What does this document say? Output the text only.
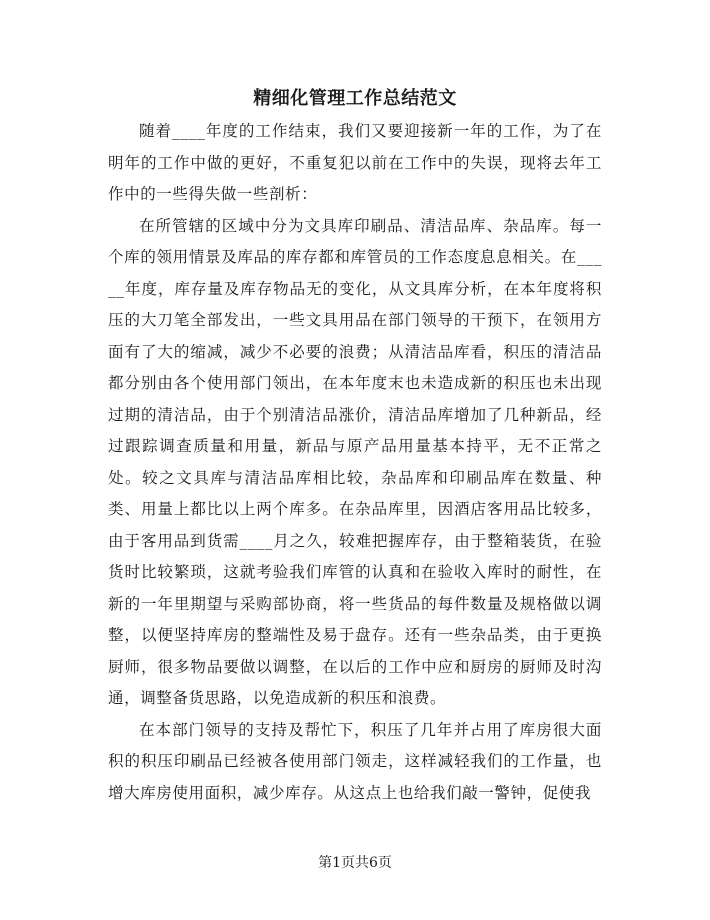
精细化管理工作总结范文

随着____年度的工作结束，我们又要迎接新一年的工作，为了在明年的工作中做的更好，不重复犯以前在工作中的失误，现将去年工作中的一些得失做一些剖析：

在所管辖的区域中分为文具库印刷品、清洁品库、杂品库。每一个库的领用情景及库品的库存都和库管员的工作态度息息相关。在_____年度，库存量及库存物品无的变化，从文具库分析，在本年度将积压的大刀笔全部发出，一些文具用品在部门领导的干预下，在领用方面有了大的缩减，减少不必要的浪费；从清洁品库看，积压的清洁品都分别由各个使用部门领出，在本年度末也未造成新的积压也未出现过期的清洁品，由于个别清洁品涨价，清洁品库增加了几种新品，经过跟踪调查质量和用量，新品与原产品用量基本持平，无不正常之处。较之文具库与清洁品库相比较，杂品库和印刷品库在数量、种类、用量上都比以上两个库多。在杂品库里，因酒店客用品比较多，由于客用品到货需____月之久，较难把握库存，由于整箱装货，在验货时比较繁琐，这就考验我们库管的认真和在验收入库时的耐性，在新的一年里期望与采购部协商，将一些货品的每件数量及规格做以调整，以便坚持库房的整端性及易于盘存。还有一些杂品类，由于更换厨师，很多物品要做以调整，在以后的工作中应和厨房的厨师及时沟通，调整备货思路，以免造成新的积压和浪费。

在本部门领导的支持及帮忙下，积压了几年并占用了库房很大面积的积压印刷品已经被各使用部门领走，这样减轻我们的工作量，也增大库房使用面积，减少库存。从这点上也给我们敲一警钟，促使我

第1页共6页
